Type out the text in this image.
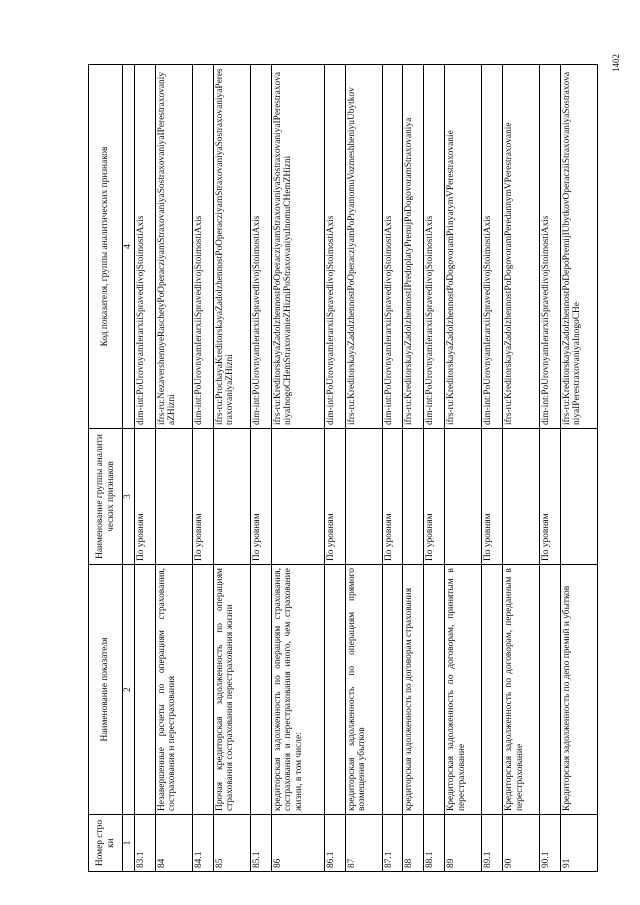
1402
Номер строки	Наименование показателя	Наименование группы аналитических признаков	Код показателя, группы аналитических признаков
1	2	3	4
83.1		По уровням	dim-int:PoUrovnyamIerarxiiSpravedlivojStoimostiAxis
84	Незавершенные расчеты по операциям страхования, сострахования и перестрахования		ifrs-ru:NezavershennyeRaschetyPoOperacziyamStraxovaniyaSostraxovaniyaIPerestraxovaniyaZHizni
84.1		По уровням	dim-int:PoUrovnyamIerarxiiSpravedlivojStoimostiAxis
85	Прочая кредиторская задолженность по операциям страхования сострахования перестрахования жизни		ifrs-ru:ProchayaKreditorskayaZadolzhennostPoOperacziyamStraxovaniyaSostraxovaniyaPerestraxovaniyaZHizni
85.1		По уровням	dim-int:PoUrovnyamIerarxiiSpravedlivojStoimostiAxis
86	кредиторская задолженность по операциям страхования, сострахования и перестрахования иного, чем страхование жизни, в том числе:		ifrs-ru:KreditorskayaZadolzhennostPoOperacziyamStraxovaniyaSostraxovaniyaIPerestraxovaniyaInogoCHemStraxovanieZHizniPoStraxovaniyuInomuCHemZHizni
86.1		По уровням	dim-int:PoUrovnyamIerarxiiSpravedlivojStoimostiAxis
87	кредиторская задолженность по операциям прямого возмещения убытков		ifrs-ru:KreditorskayaZadolzhennostPoOperacziyamPoPryamomuVozmeshheniyuUbytkov
87.1		По уровням	dim-int:PoUrovnyamIerarxiiSpravedlivojStoimostiAxis
88	кредиторская задолженность по договорам страхования		ifrs-ru:KreditorskayaZadolzhennostIPredoplatyPremijPoDogovoramStraxovaniya
88.1		По уровням	dim-int:PoUrovnyamIerarxiiSpravedlivojStoimostiAxis
89	Кредиторская задолженность по договорам, принятым в перестрахование		ifrs-ru:KreditorskayaZadolzhennostPoDogovoramPrinyatymVPerestraxovanie
89.1		По уровням	dim-int:PoUrovnyamIerarxiiSpravedlivojStoimostiAxis
90	Кредиторская задолженность по договорам, переданным в перестрахование		ifrs-ru:KreditorskayaZadolzhennostPoDogovoramPeredannymVPerestraxovanie
90.1		По уровням	dim-int:PoUrovnyamIerarxiiSpravedlivojStoimostiAxis
91	Кредиторская задолженность по депо премий и убытков		ifrs-ru:KreditorskayaZadolzhennostPoDepoPremijIUbytkovOperacziiStraxovaniyaSostraxovaniyaIPerestraxovaniyaInogoCHe
